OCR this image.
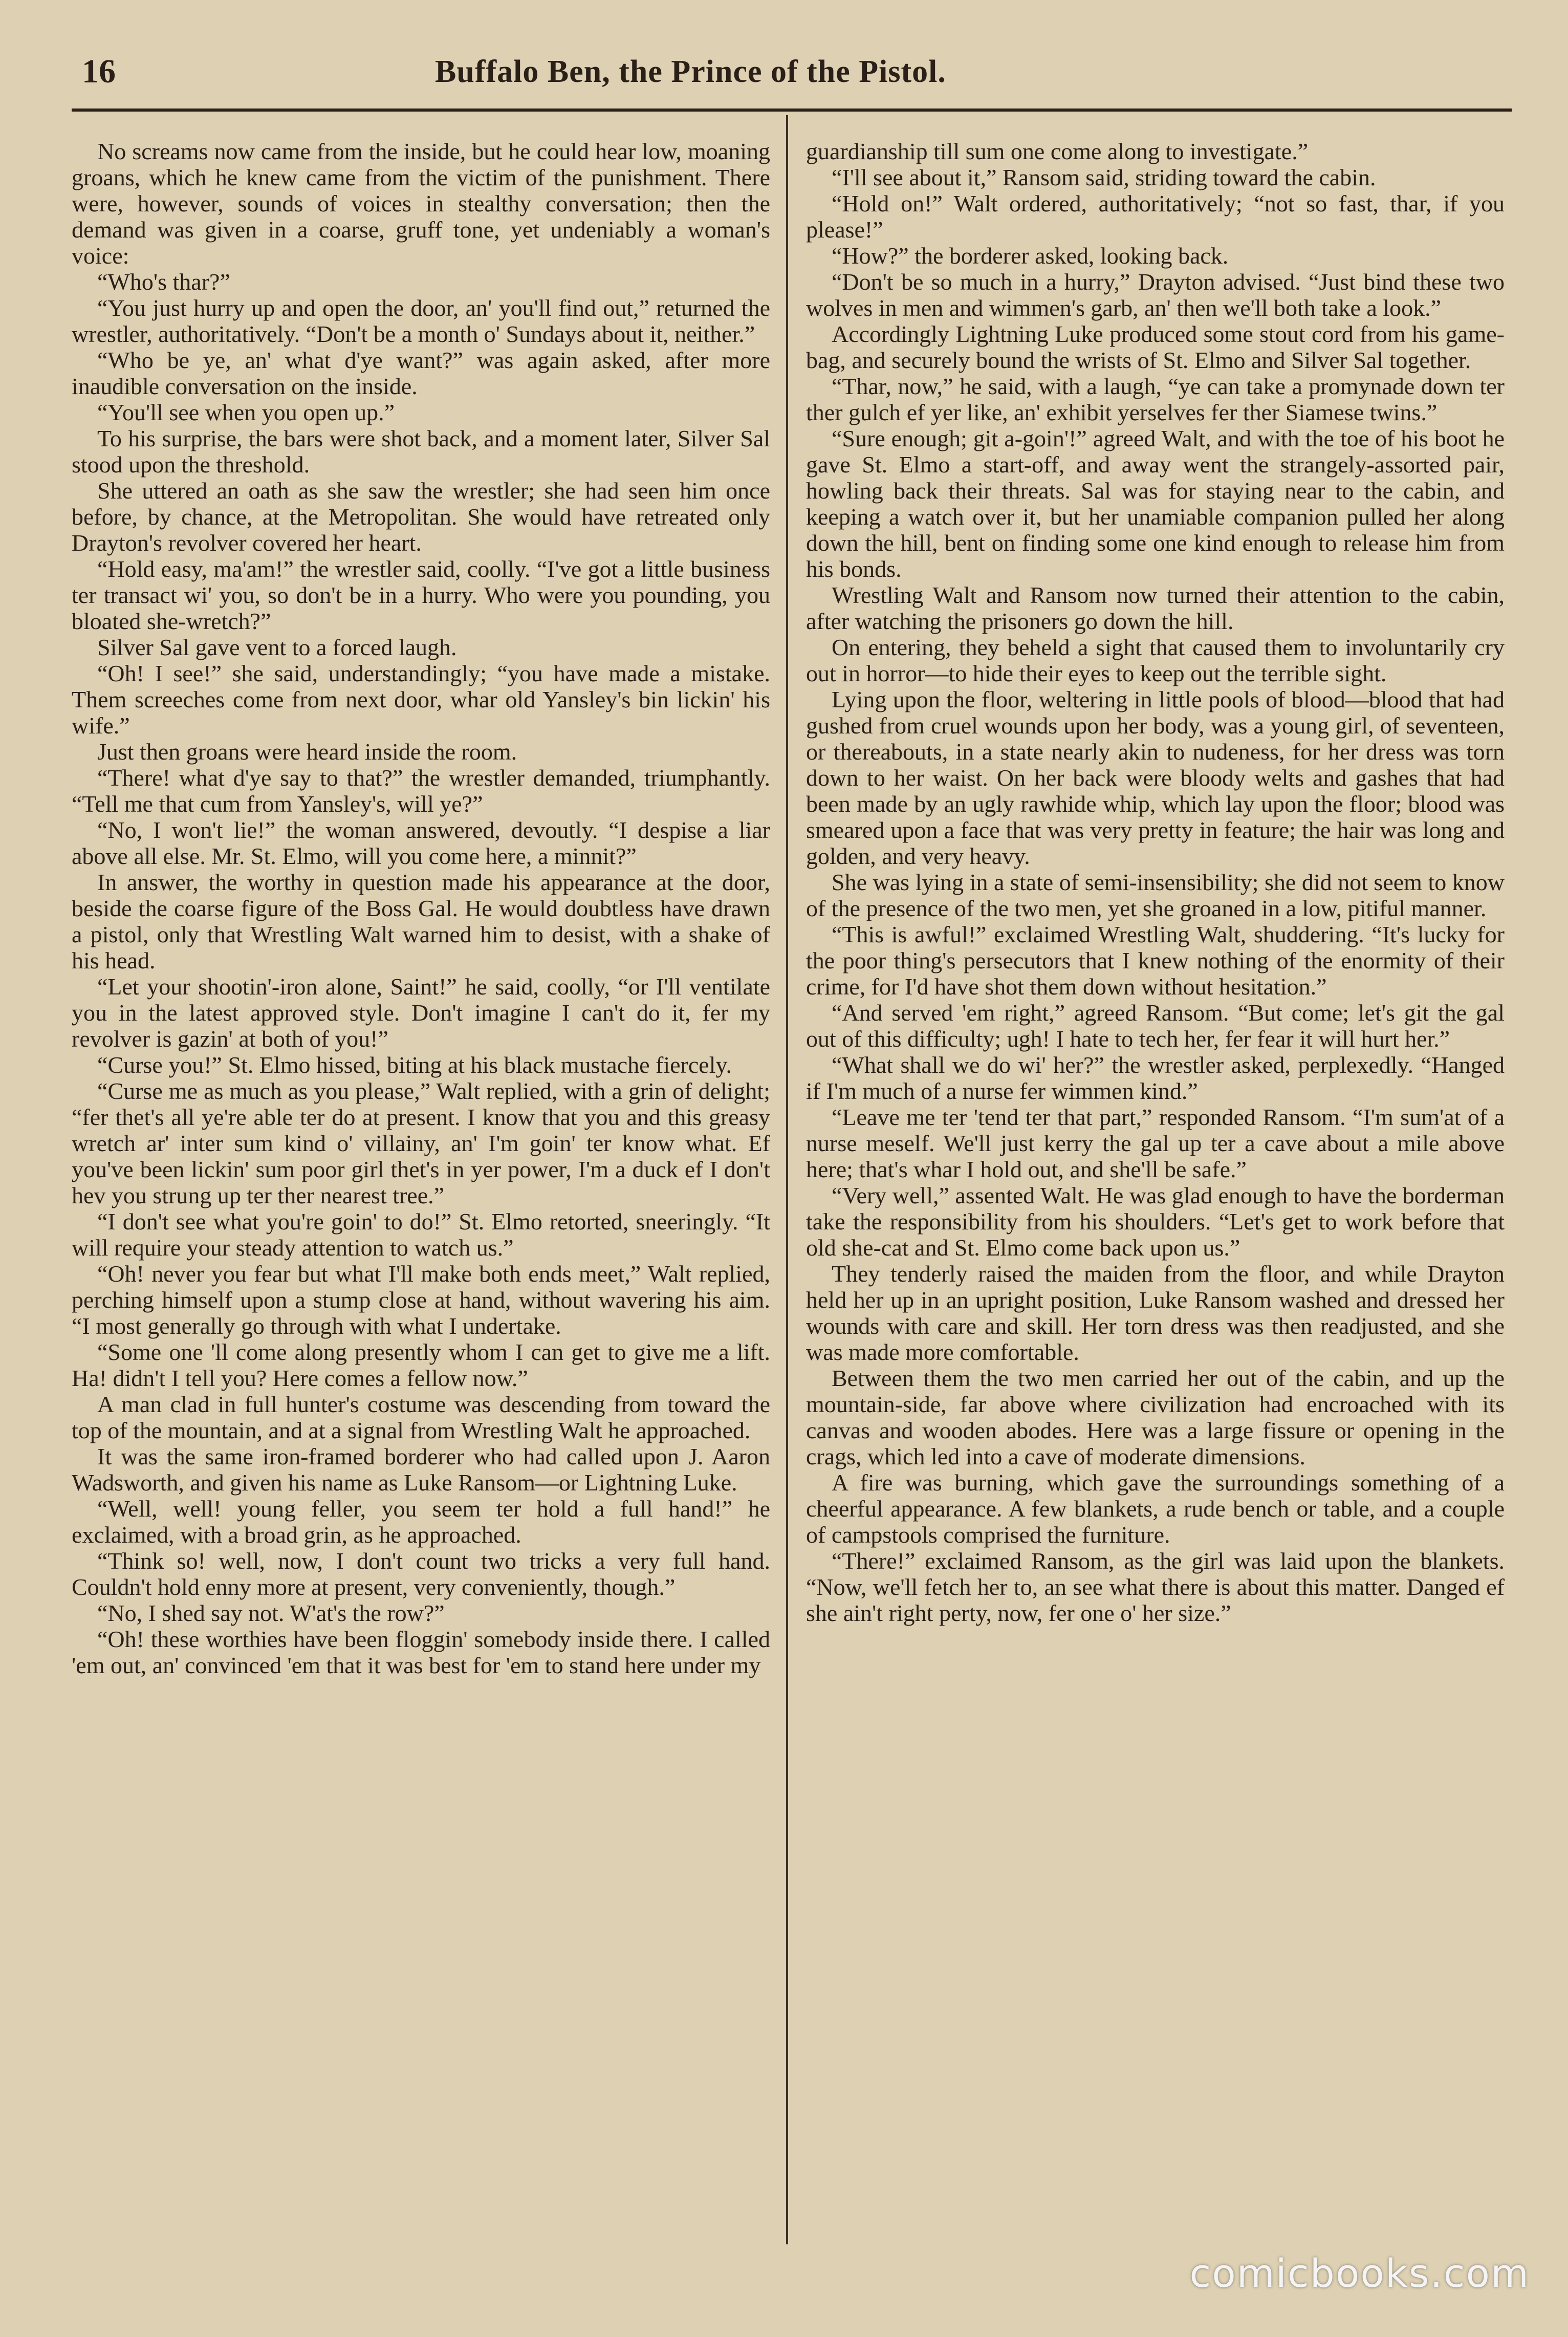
16	Buffalo Ben, the Prince of the Pistol.

No screams now came from the inside, but he could hear low, moaning groans, which he knew came from the victim of the punishment. There were, however, sounds of voices in stealthy conversation; then the demand was given in a coarse, gruff tone, yet undeniably a woman's voice:

“Who's thar?”

“You just hurry up and open the door, an' you'll find out,” returned the wrestler, authoritatively. “Don't be a month o' Sundays about it, neither.”

“Who be ye, an' what d'ye want?” was again asked, after more inaudible conversation on the inside.

“You'll see when you open up.”

To his surprise, the bars were shot back, and a moment later, Silver Sal stood upon the threshold.

She uttered an oath as she saw the wrestler; she had seen him once before, by chance, at the Metropolitan. She would have retreated only Drayton's revolver covered her heart.

“Hold easy, ma'am!” the wrestler said, coolly. “I've got a little business ter transact wi' you, so don't be in a hurry. Who were you pounding, you bloated she-wretch?”

Silver Sal gave vent to a forced laugh.

“Oh! I see!” she said, understandingly; “you have made a mistake. Them screeches come from next door, whar old Yansley's bin lickin' his wife.”

Just then groans were heard inside the room.

“There! what d'ye say to that?” the wrestler demanded, triumphantly. “Tell me that cum from Yansley's, will ye?”

“No, I won't lie!” the woman answered, devoutly. “I despise a liar above all else. Mr. St. Elmo, will you come here, a minnit?”

In answer, the worthy in question made his appearance at the door, beside the coarse figure of the Boss Gal. He would doubtless have drawn a pistol, only that Wrestling Walt warned him to desist, with a shake of his head.

“Let your shootin'-iron alone, Saint!” he said, coolly, “or I'll ventilate you in the latest approved style. Don't imagine I can't do it, fer my revolver is gazin' at both of you!”

“Curse you!” St. Elmo hissed, biting at his black mustache fiercely.

“Curse me as much as you please,” Walt replied, with a grin of delight; “fer thet's all ye're able ter do at present. I know that you and this greasy wretch ar' inter sum kind o' villainy, an' I'm goin' ter know what. Ef you've been lickin' sum poor girl thet's in yer power, I'm a duck ef I don't hev you strung up ter ther nearest tree.”

“I don't see what you're goin' to do!” St. Elmo retorted, sneeringly. “It will require your steady attention to watch us.”

“Oh! never you fear but what I'll make both ends meet,” Walt replied, perching himself upon a stump close at hand, without wavering his aim. “I most generally go through with what I undertake.

“Some one 'll come along presently whom I can get to give me a lift. Ha! didn't I tell you? Here comes a fellow now.”

A man clad in full hunter's costume was descending from toward the top of the mountain, and at a signal from Wrestling Walt he approached.

It was the same iron-framed borderer who had called upon J. Aaron Wadsworth, and given his name as Luke Ransom—or Lightning Luke.

“Well, well! young feller, you seem ter hold a full hand!” he exclaimed, with a broad grin, as he approached.

“Think so! well, now, I don't count two tricks a very full hand. Couldn't hold enny more at present, very conveniently, though.”

“No, I shed say not. W'at's the row?”

“Oh! these worthies have been floggin' somebody inside there. I called 'em out, an' convinced 'em that it was best for 'em to stand here under my

guardianship till sum one come along to investigate.”

“I'll see about it,” Ransom said, striding toward the cabin.

“Hold on!” Walt ordered, authoritatively; “not so fast, thar, if you please!”

“How?” the borderer asked, looking back.

“Don't be so much in a hurry,” Drayton advised. “Just bind these two wolves in men and wimmen's garb, an' then we'll both take a look.”

Accordingly Lightning Luke produced some stout cord from his game-bag, and securely bound the wrists of St. Elmo and Silver Sal together.

“Thar, now,” he said, with a laugh, “ye can take a promynade down ter ther gulch ef yer like, an' exhibit yerselves fer ther Siamese twins.”

“Sure enough; git a-goin'!” agreed Walt, and with the toe of his boot he gave St. Elmo a start-off, and away went the strangely-assorted pair, howling back their threats. Sal was for staying near to the cabin, and keeping a watch over it, but her unamiable companion pulled her along down the hill, bent on finding some one kind enough to release him from his bonds.

Wrestling Walt and Ransom now turned their attention to the cabin, after watching the prisoners go down the hill.

On entering, they beheld a sight that caused them to involuntarily cry out in horror—to hide their eyes to keep out the terrible sight.

Lying upon the floor, weltering in little pools of blood—blood that had gushed from cruel wounds upon her body, was a young girl, of seventeen, or thereabouts, in a state nearly akin to nudeness, for her dress was torn down to her waist. On her back were bloody welts and gashes that had been made by an ugly rawhide whip, which lay upon the floor; blood was smeared upon a face that was very pretty in feature; the hair was long and golden, and very heavy.

She was lying in a state of semi-insensibility; she did not seem to know of the presence of the two men, yet she groaned in a low, pitiful manner.

“This is awful!” exclaimed Wrestling Walt, shuddering. “It's lucky for the poor thing's persecutors that I knew nothing of the enormity of their crime, for I'd have shot them down without hesitation.”

“And served 'em right,” agreed Ransom. “But come; let's git the gal out of this difficulty; ugh! I hate to tech her, fer fear it will hurt her.”

“What shall we do wi' her?” the wrestler asked, perplexedly. “Hanged if I'm much of a nurse fer wimmen kind.”

“Leave me ter 'tend ter that part,” responded Ransom. “I'm sum'at of a nurse meself. We'll just kerry the gal up ter a cave about a mile above here; that's whar I hold out, and she'll be safe.”

“Very well,” assented Walt. He was glad enough to have the borderman take the responsibility from his shoulders. “Let's get to work before that old she-cat and St. Elmo come back upon us.”

They tenderly raised the maiden from the floor, and while Drayton held her up in an upright position, Luke Ransom washed and dressed her wounds with care and skill. Her torn dress was then readjusted, and she was made more comfortable.

Between them the two men carried her out of the cabin, and up the mountain-side, far above where civilization had encroached with its canvas and wooden abodes. Here was a large fissure or opening in the crags, which led into a cave of moderate dimensions.

A fire was burning, which gave the surroundings something of a cheerful appearance. A few blankets, a rude bench or table, and a couple of campstools comprised the furniture.

“There!” exclaimed Ransom, as the girl was laid upon the blankets. “Now, we'll fetch her to, an see what there is about this matter. Danged ef she ain't right perty, now, fer one o' her size.”

comicbooks.com
